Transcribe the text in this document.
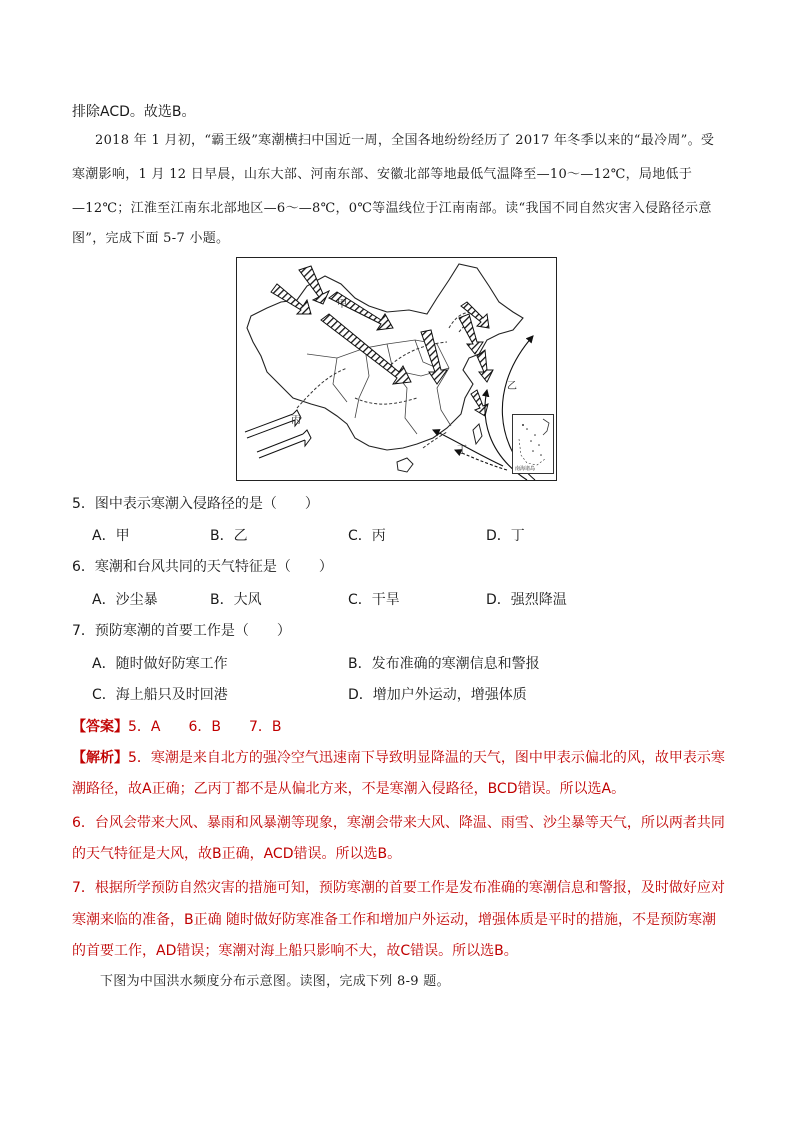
排除ACD。故选B。
2018 年 1 月初，“霸王级”寒潮横扫中国近一周，全国各地纷纷经历了 2017 年冬季以来的“最冷周”。受
寒潮影响，1 月 12 日早晨，山东大部、河南东部、安徽北部等地最低气温降至—10～—12℃，局地低于
—12℃；江淮至江南东北部地区—6～—8℃，0℃等温线位于江南南部。读“我国不同自然灾害入侵路径示意
图”，完成下面 5-7 小题。
甲
乙
丙
丁
南海诸岛
5．图中表示寒潮入侵路径的是（　　）
A．甲	B．乙	C．丙	D．丁
6．寒潮和台风共同的天气特征是（　　）
A．沙尘暴	B．大风	C．干旱	D．强烈降温
7．预防寒潮的首要工作是（　　）
A．随时做好防寒工作	B．发布准确的寒潮信息和警报
C．海上船只及时回港	D．增加户外运动，增强体质
【答案】5．A　　6．B　　7．B
【解析】5．寒潮是来自北方的强冷空气迅速南下导致明显降温的天气，图中甲表示偏北的风，故甲表示寒
潮路径，故A正确；乙丙丁都不是从偏北方来，不是寒潮入侵路径，BCD错误。所以选A。
6．台风会带来大风、暴雨和风暴潮等现象，寒潮会带来大风、降温、雨雪、沙尘暴等天气，所以两者共同
的天气特征是大风，故B正确，ACD错误。所以选B。
7．根据所学预防自然灾害的措施可知，预防寒潮的首要工作是发布准确的寒潮信息和警报，及时做好应对
寒潮来临的准备，B正确 随时做好防寒准备工作和增加户外运动，增强体质是平时的措施，不是预防寒潮
的首要工作，AD错误；寒潮对海上船只影响不大，故C错误。所以选B。
下图为中国洪水频度分布示意图。读图，完成下列 8-9 题。
